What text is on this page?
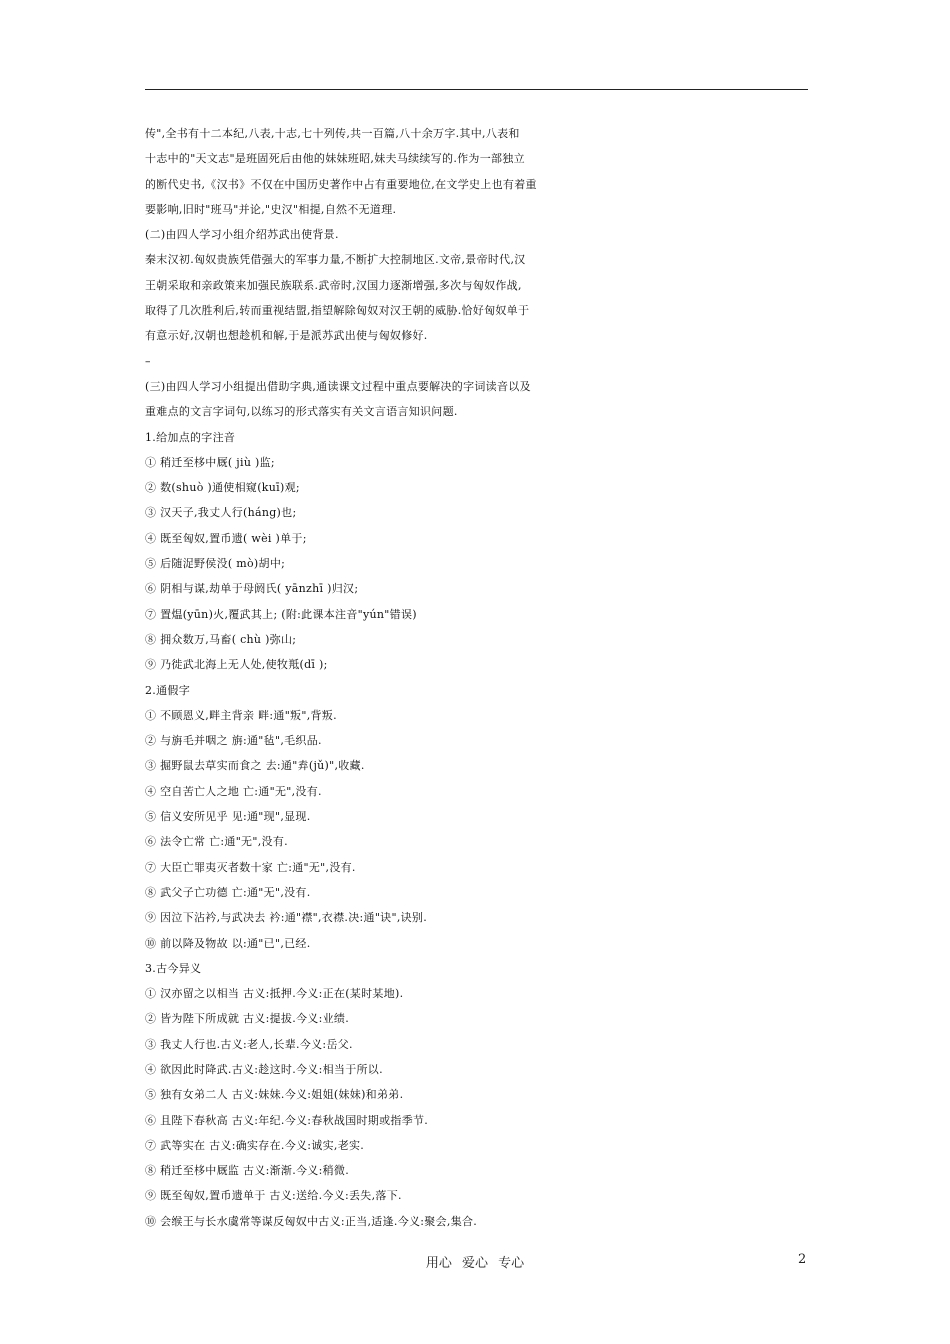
传",全书有十二本纪,八表,十志,七十列传,共一百篇,八十余万字.其中,八表和
十志中的"天文志"是班固死后由他的妹妹班昭,妹夫马续续写的.作为一部独立
的断代史书,《汉书》不仅在中国历史著作中占有重要地位,在文学史上也有着重
要影响,旧时"班马"并论,"史汉"相提,自然不无道理.
(二)由四人学习小组介绍苏武出使背景.
秦末汉初.匈奴贵族凭借强大的军事力量,不断扩大控制地区.文帝,景帝时代,汉
王朝采取和亲政策来加强民族联系.武帝时,汉国力逐渐增强,多次与匈奴作战,
取得了几次胜利后,转而重视结盟,指望解除匈奴对汉王朝的威胁.恰好匈奴单于
有意示好,汉朝也想趁机和解,于是派苏武出使与匈奴修好.
–
(三)由四人学习小组提出借助字典,通读课文过程中重点要解决的字词读音以及
重难点的文言字词句,以练习的形式落实有关文言语言知识问题.
1.给加点的字注音
① 稍迁至栘中厩( jiù )监;
② 数(shuò )通使相窥(kuī)观;
③ 汉天子,我丈人行(háng)也;
④ 既至匈奴,置币遗( wèi )单于;
⑤ 后随浞野侯没( mò)胡中;
⑥ 阴相与谋,劫单于母阏氏( yānzhī )归汉;
⑦ 置煴(yūn)火,覆武其上; (附:此课本注音"yún"错误)
⑧ 拥众数万,马畜( chù )弥山;
⑨ 乃徙武北海上无人处,使牧羝(dī );
2.通假字
① 不顾恩义,畔主背亲 畔:通"叛",背叛.
② 与旃毛并咽之 旃:通"毡",毛织品.
③ 掘野鼠去草实而食之 去:通"弆(jǔ)",收藏.
④ 空自苦亡人之地 亡:通"无",没有.
⑤ 信义安所见乎 见:通"现",显现.
⑥ 法令亡常 亡:通"无",没有.
⑦ 大臣亡罪夷灭者数十家 亡:通"无",没有.
⑧ 武父子亡功德 亡:通"无",没有.
⑨ 因泣下沾衿,与武决去 衿:通"襟",衣襟.决:通"诀",诀别.
⑩ 前以降及物故 以:通"已",已经.
3.古今异义
① 汉亦留之以相当 古义:抵押.今义:正在(某时某地).
② 皆为陛下所成就 古义:提拔.今义:业绩.
③ 我丈人行也.古义:老人,长辈.今义:岳父.
④ 欲因此时降武.古义:趁这时.今义:相当于所以.
⑤ 独有女弟二人 古义:妹妹.今义:姐姐(妹妹)和弟弟.
⑥ 且陛下春秋高 古义:年纪.今义:春秋战国时期或指季节.
⑦ 武等实在 古义:确实存在.今义:诚实,老实.
⑧ 稍迁至栘中厩监 古义:渐渐.今义:稍微.
⑨ 既至匈奴,置币遗单于 古义:送给.今义:丢失,落下.
⑩ 会缑王与长水虞常等谋反匈奴中古义:正当,适逢.今义:聚会,集合.
用心 爱心 专心	2
